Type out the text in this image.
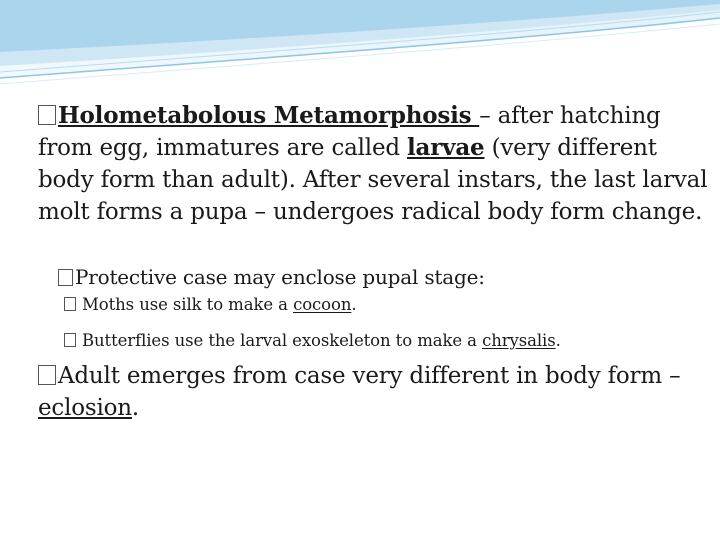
Holometabolous Metamorphosis – after hatching from egg, immatures are called larvae (very different body form than adult). After several instars, the last larval molt forms a pupa – undergoes radical body form change.
Protective case may enclose pupal stage:
Moths use silk to make a cocoon.
Butterflies use the larval exoskeleton to make a chrysalis.
Adult emerges from case very different in body form – eclosion.
